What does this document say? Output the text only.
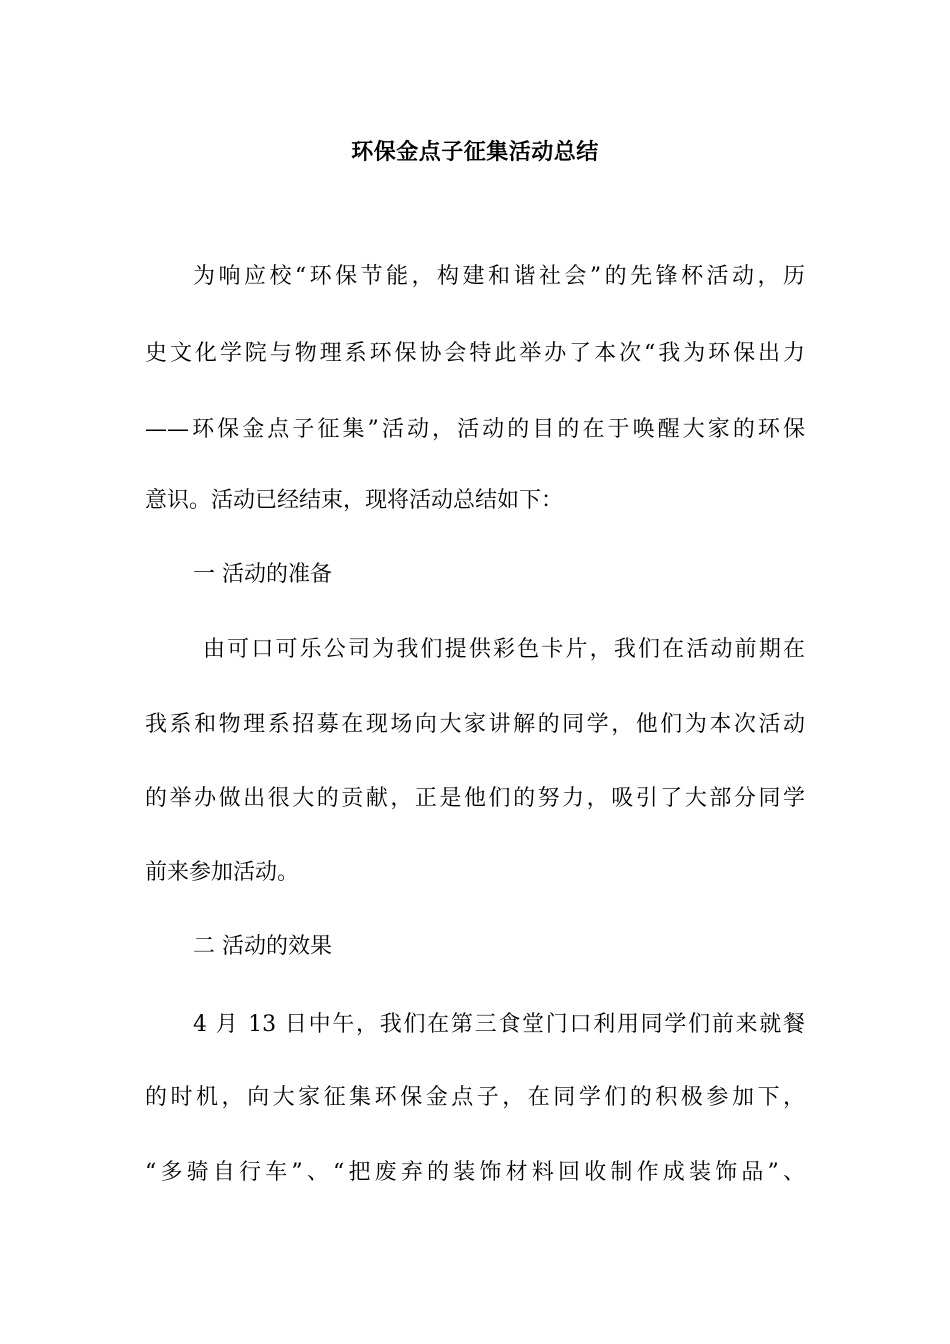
环保金点子征集活动总结
为响应校“环保节能，构建和谐社会”的先锋杯活动，历
史文化学院与物理系环保协会特此举办了本次“我为环保出力
——环保金点子征集”活动，活动的目的在于唤醒大家的环保
意识。活动已经结束，现将活动总结如下：
一 活动的准备
由可口可乐公司为我们提供彩色卡片，我们在活动前期在
我系和物理系招募在现场向大家讲解的同学，他们为本次活动
的举办做出很大的贡献，正是他们的努力，吸引了大部分同学
前来参加活动。
二 活动的效果
4 月 13 日中午，我们在第三食堂门口利用同学们前来就餐
的时机，向大家征集环保金点子，在同学们的积极参加下，
“多骑自行车”、“把废弃的装饰材料回收制作成装饰品”、
